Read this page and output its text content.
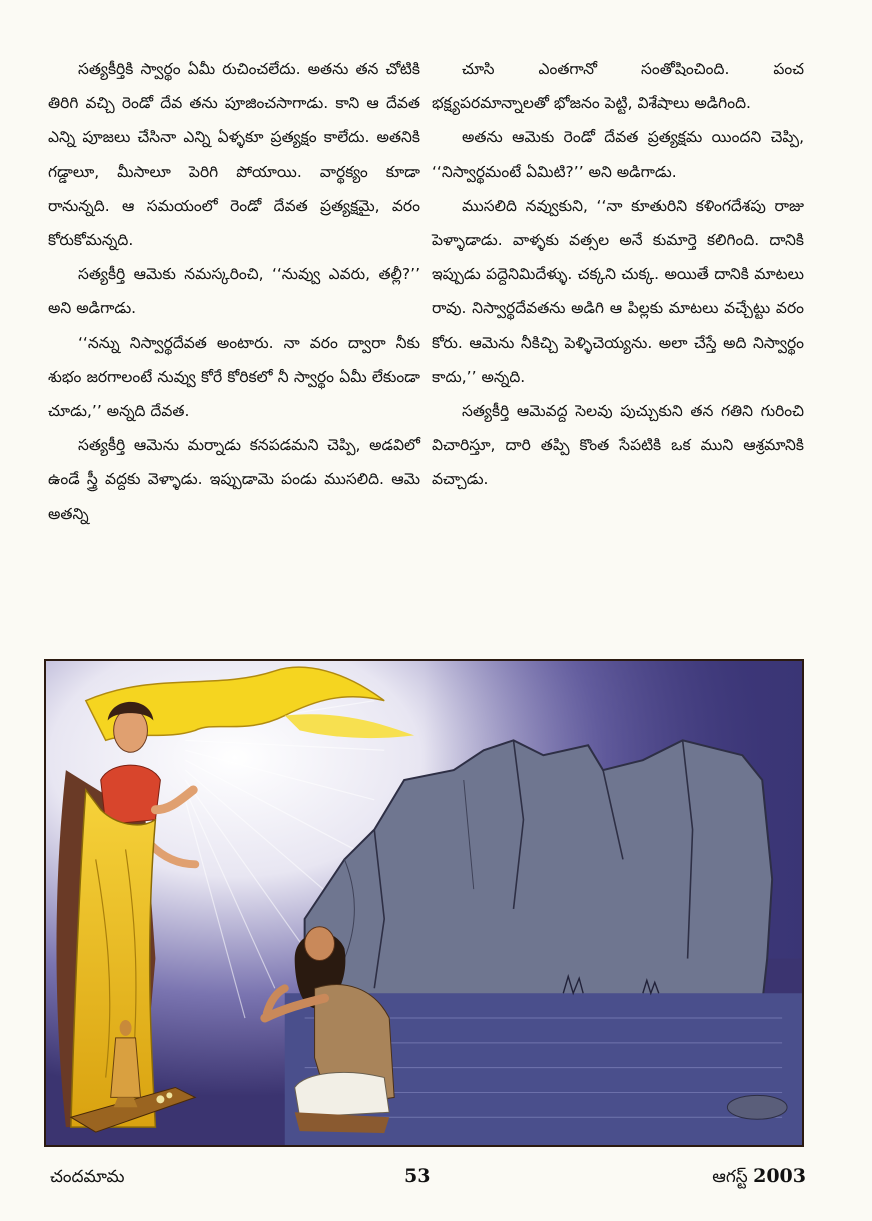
సత్యకీర్తికి స్వార్థం ఏమీ రుచించలేదు. అతను తన చోటికి తిరిగి వచ్చి రెండో దేవ తను పూజించసాగాడు. కాని ఆ దేవత ఎన్ని పూజలు చేసినా ఎన్ని ఏళ్ళకూ ప్రత్యక్షం కాలేదు. అతనికి గడ్డాలూ, మీసాలూ పెరిగి పోయాయి. వార్థక్యం కూడా రానున్నది. ఆ సమయంలో రెండో దేవత ప్రత్యక్షమై, వరం కోరుకోమన్నది.

సత్యకీర్తి ఆమెకు నమస్కరించి, ‘‘నువ్వు ఎవరు, తల్లీ?’’ అని అడిగాడు.

‘‘నన్ను నిస్వార్థదేవత అంటారు. నా వరం ద్వారా నీకు శుభం జరగాలంటే నువ్వు కోరే కోరికలో నీ స్వార్థం ఏమీ లేకుండా చూడు,’’ అన్నది దేవత.

సత్యకీర్తి ఆమెను మర్నాడు కనపడమని చెప్పి, అడవిలో ఉండే స్త్రీ వద్దకు వెళ్ళాడు. ఇప్పుడామె పండు ముసలిది. ఆమె అతన్ని

చూసి ఎంతగానో సంతోషించింది. పంచ భక్ష్యపరమాన్నాలతో భోజనం పెట్టి, విశేషాలు అడిగింది.

అతను ఆమెకు రెండో దేవత ప్రత్యక్షమ యిందని చెప్పి, ‘‘నిస్వార్థమంటే ఏమిటి?’’ అని అడిగాడు.

ముసలిది నవ్వుకుని, ‘‘నా కూతురిని కళింగదేశపు రాజు పెళ్ళాడాడు. వాళ్ళకు వత్సల అనే కుమార్తె కలిగింది. దానికి ఇప్పుడు పద్దెనిమిదేళ్ళు. చక్కని చుక్క. అయితే దానికి మాటలు రావు. నిస్వార్థదేవతను అడిగి ఆ పిల్లకు మాటలు వచ్చేట్టు వరం కోరు. ఆమెను నీకిచ్చి పెళ్ళిచెయ్యను. అలా చేస్తే అది నిస్వార్థం కాదు,’’ అన్నది.

సత్యకీర్తి ఆమెవద్ద సెలవు పుచ్చుకుని తన గతిని గురించి విచారిస్తూ, దారి తప్పి కొంత సేపటికి ఒక ముని ఆశ్రమానికి వచ్చాడు.

చందమామ	53	ఆగస్ట్ 2003
